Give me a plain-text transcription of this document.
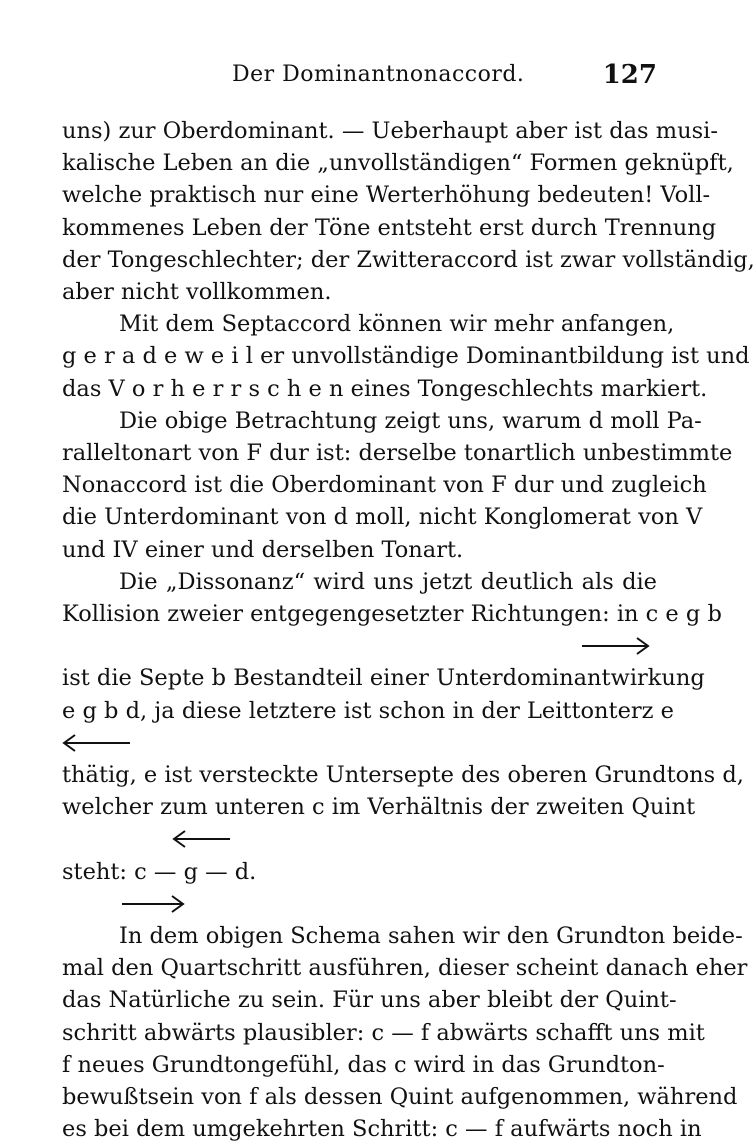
Der Dominantnonaccord.	127
uns) zur Oberdominant. — Ueberhaupt aber ist das musi-
kalische Leben an die „unvollständigen“ Formen geknüpft,
welche praktisch nur eine Werterhöhung bedeuten! Voll-
kommenes Leben der Töne entsteht erst durch Trennung
der Tongeschlechter; der Zwitteraccord ist zwar vollständig,
aber nicht vollkommen.
Mit dem Septaccord können wir mehr anfangen,
g e r a d e w e i l er unvollständige Dominantbildung ist und
das V o r h e r r s c h e n eines Tongeschlechts markiert.
Die obige Betrachtung zeigt uns, warum d moll Pa-
ralleltonart von F dur ist: derselbe tonartlich unbestimmte
Nonaccord ist die Oberdominant von F dur und zugleich
die Unterdominant von d moll, nicht Konglomerat von V
und IV einer und derselben Tonart.
Die „Dissonanz“ wird uns jetzt deutlich als die
Kollision zweier entgegengesetzter Richtungen: in c e g b
ist die Septe b Bestandteil einer Unterdominantwirkung
e g b d, ja diese letztere ist schon in der Leittonterz e
thätig, e ist versteckte Untersepte des oberen Grundtons d,
welcher zum unteren c im Verhältnis der zweiten Quint
steht: c — g — d.
In dem obigen Schema sahen wir den Grundton beide-
mal den Quartschritt ausführen, dieser scheint danach eher
das Natürliche zu sein. Für uns aber bleibt der Quint-
schritt abwärts plausibler: c — f abwärts schafft uns mit
f neues Grundtongefühl, das c wird in das Grundton-
bewußtsein von f als dessen Quint aufgenommen, während
es bei dem umgekehrten Schritt: c — f aufwärts noch in
